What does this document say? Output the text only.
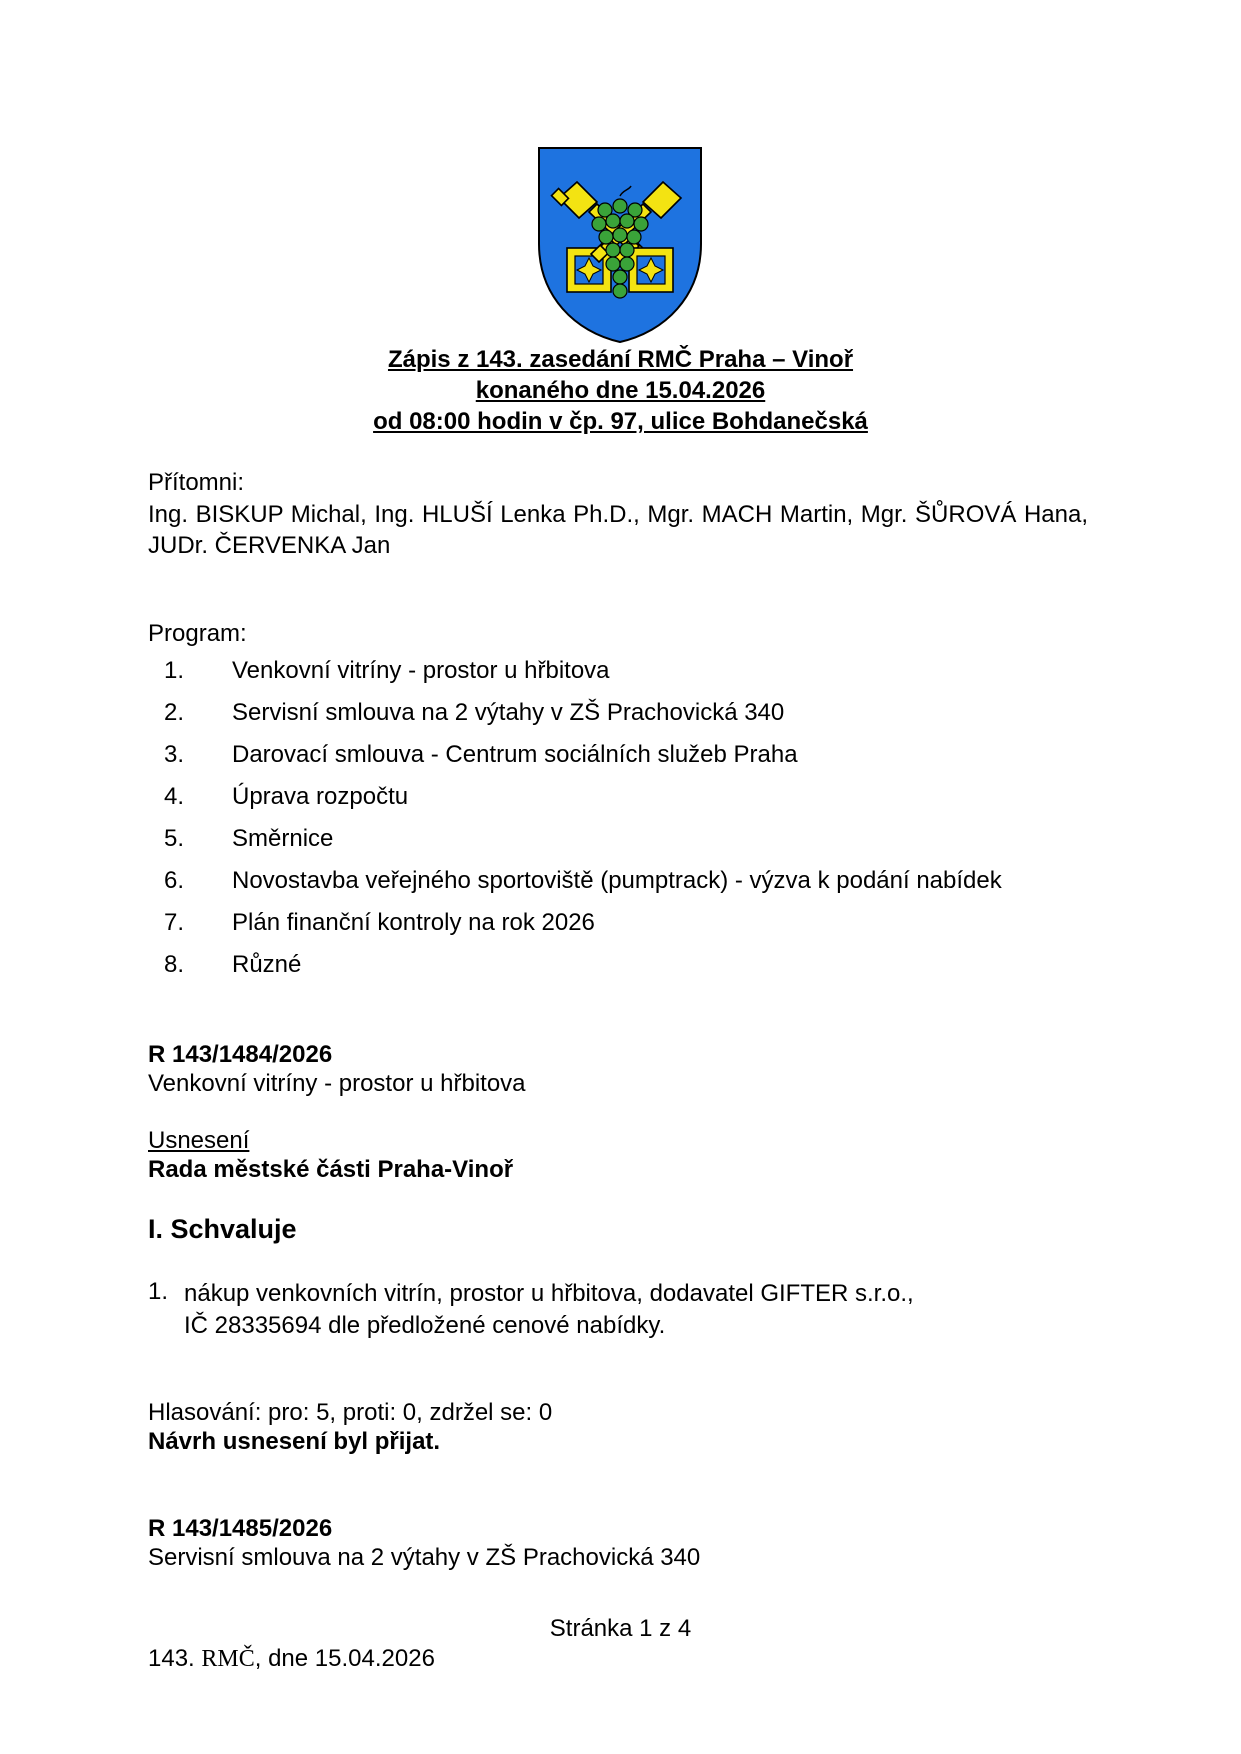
Zápis z 143. zasedání RMČ Praha – Vinoř
konaného dne 15.04.2026
od 08:00 hodin v čp. 97, ulice Bohdanečská
Přítomni:
Ing. BISKUP Michal, Ing. HLUŠÍ Lenka Ph.D., Mgr. MACH Martin, Mgr. ŠŮROVÁ Hana, JUDr. ČERVENKA Jan
Program:
1. Venkovní vitríny - prostor u hřbitova
2. Servisní smlouva na 2 výtahy v ZŠ Prachovická 340
3. Darovací smlouva - Centrum sociálních služeb Praha
4. Úprava rozpočtu
5. Směrnice
6. Novostavba veřejného sportoviště (pumptrack) - výzva k podání nabídek
7. Plán finanční kontroly na rok 2026
8. Různé
R 143/1484/2026
Venkovní vitríny - prostor u hřbitova
Usnesení
Rada městské části Praha-Vinoř
I. Schvaluje
1. nákup venkovních vitrín, prostor u hřbitova, dodavatel GIFTER s.r.o.,
IČ 28335694 dle předložené cenové nabídky.
Hlasování: pro: 5, proti: 0, zdržel se: 0
Návrh usnesení byl přijat.
R 143/1485/2026
Servisní smlouva na 2 výtahy v ZŠ Prachovická 340
Stránka 1 z 4
143. RMČ, dne 15.04.2026
